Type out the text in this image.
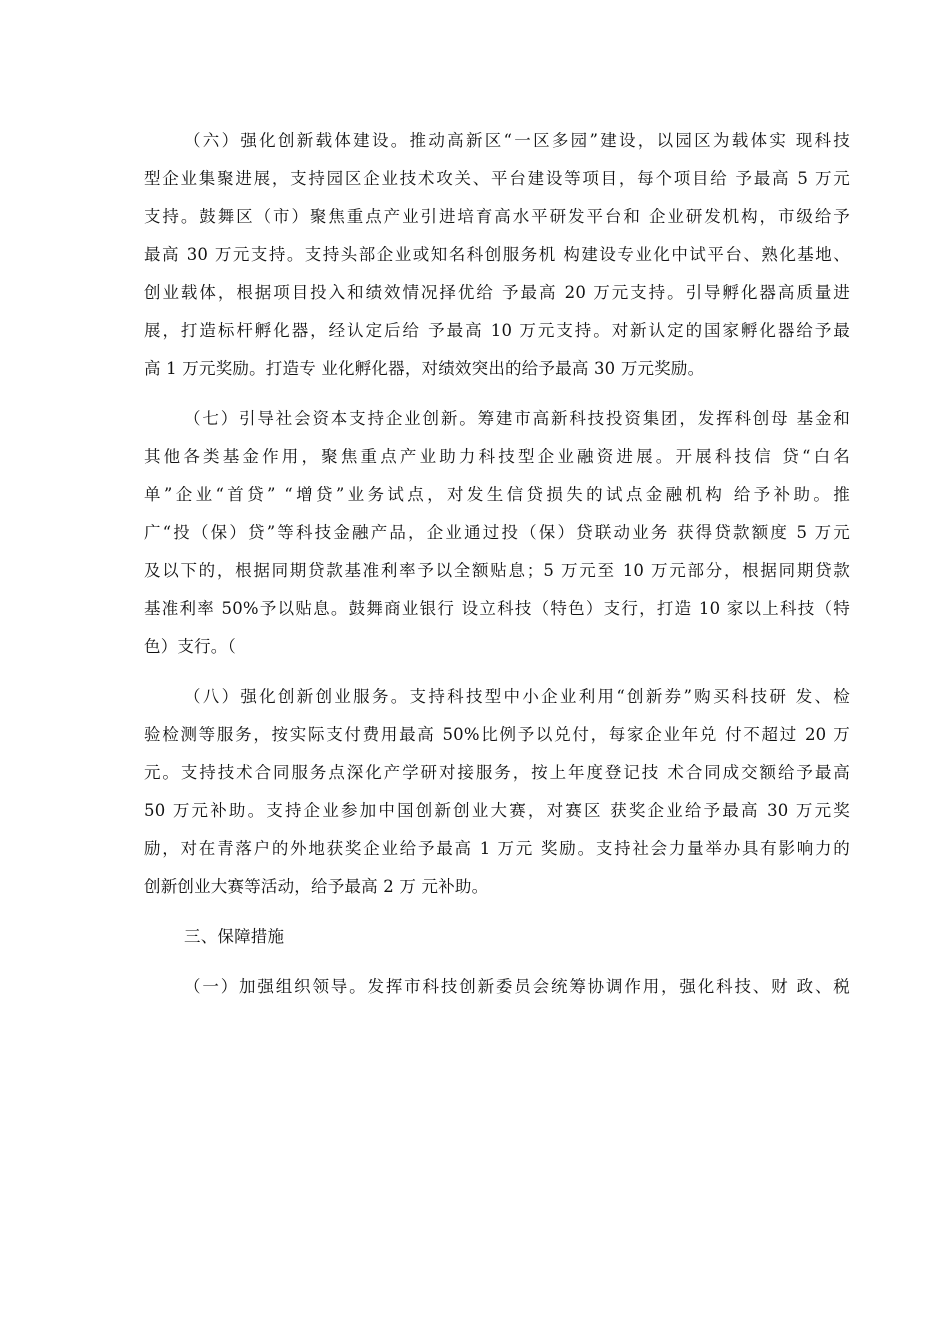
（六）强化创新载体建设。推动高新区“一区多园”建设，以园区为载体实 现科技
型企业集聚进展，支持园区企业技术攻关、平台建设等项目，每个项目给 予最高 5 万元
支持。鼓舞区（市）聚焦重点产业引进培育高水平研发平台和 企业研发机构，市级给予
最高 30 万元支持。支持头部企业或知名科创服务机 构建设专业化中试平台、熟化基地、
创业载体，根据项目投入和绩效情况择优给 予最高 20 万元支持。引导孵化器高质量进
展，打造标杆孵化器，经认定后给 予最高 10 万元支持。对新认定的国家孵化器给予最
高 1 万元奖励。打造专 业化孵化器，对绩效突出的给予最高 30 万元奖励。
（七）引导社会资本支持企业创新。筹建市高新科技投资集团，发挥科创母 基金和
其他各类基金作用，聚焦重点产业助力科技型企业融资进展。开展科技信 贷“白名
单”企业“首贷” “增贷”业务试点，对发生信贷损失的试点金融机构 给予补助。推
广“投（保）贷”等科技金融产品，企业通过投（保）贷联动业务 获得贷款额度 5 万元
及以下的，根据同期贷款基准利率予以全额贴息；5 万元至 10 万元部分，根据同期贷款
基准利率 50%予以贴息。鼓舞商业银行 设立科技（特色）支行，打造 10 家以上科技（特
色）支行。（
（八）强化创新创业服务。支持科技型中小企业利用“创新券”购买科技研 发、检
验检测等服务，按实际支付费用最高 50%比例予以兑付，每家企业年兑 付不超过 20 万
元。支持技术合同服务点深化产学研对接服务，按上年度登记技 术合同成交额给予最高
50 万元补助。支持企业参加中国创新创业大赛，对赛区 获奖企业给予最高 30 万元奖
励，对在青落户的外地获奖企业给予最高 1 万元 奖励。支持社会力量举办具有影响力的
创新创业大赛等活动，给予最高 2 万 元补助。
三、保障措施
（一）加强组织领导。发挥市科技创新委员会统筹协调作用，强化科技、财 政、税
